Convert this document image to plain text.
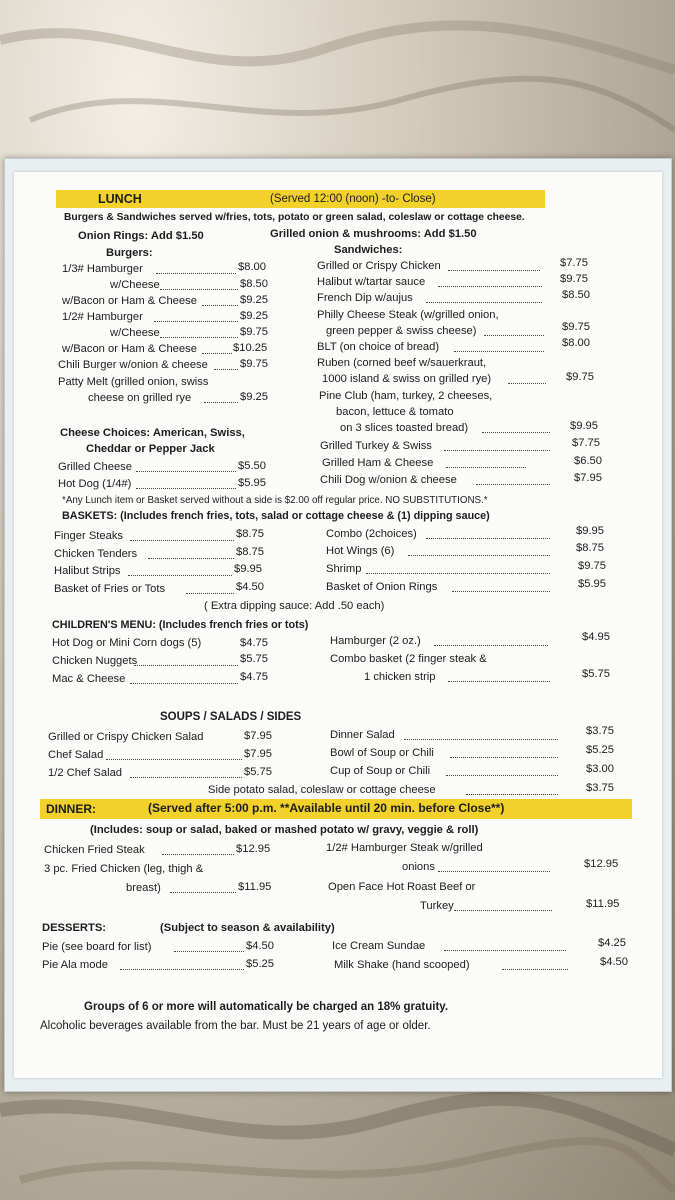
LUNCH	(Served 12:00 (noon) -to- Close)
Burgers & Sandwiches served w/fries, tots, potato or green salad, coleslaw or cottage cheese.
Onion Rings: Add $1.50	Grilled onion & mushrooms: Add $1.50
Burgers:	Sandwiches:
1/3# Hamburger	$8.00
w/Cheese	$8.50
w/Bacon or Ham & Cheese	$9.25
1/2# Hamburger	$9.25
w/Cheese	$9.75
w/Bacon or Ham & Cheese	$10.25
Chili Burger w/onion & cheese	$9.75
Patty Melt (grilled onion, swiss
cheese on grilled rye	$9.25
Cheese Choices: American, Swiss,
Cheddar or Pepper Jack
Grilled Cheese	$5.50
Hot Dog (1/4#)	$5.95
Grilled or Crispy Chicken	$7.75
Halibut w/tartar sauce	$9.75
French Dip w/aujus	$8.50
Philly Cheese Steak (w/grilled onion,
green pepper & swiss cheese)	$9.75
BLT (on choice of bread)	$8.00
Ruben (corned beef w/sauerkraut,
1000 island & swiss on grilled rye)	$9.75
Pine Club (ham, turkey, 2 cheeses,
bacon, lettuce & tomato
on 3 slices toasted bread)	$9.95
Grilled Turkey & Swiss	$7.75
Grilled Ham & Cheese	$6.50
Chili Dog w/onion & cheese	$7.95
*Any Lunch item or Basket served without a side is $2.00 off regular price. NO SUBSTITUTIONS.*
BASKETS: (Includes french fries, tots, salad or cottage cheese & (1) dipping sauce)
Finger Steaks	$8.75
Chicken Tenders	$8.75
Halibut Strips	$9.95
Basket of Fries or Tots	$4.50
Combo (2choices)	$9.95
Hot Wings (6)	$8.75
Shrimp	$9.75
Basket of Onion Rings	$5.95
( Extra dipping sauce: Add .50 each)
CHILDREN'S MENU: (Includes french fries or tots)
Hot Dog or Mini Corn dogs (5)	$4.75
Chicken Nuggets	$5.75
Mac & Cheese	$4.75
Hamburger (2 oz.)	$4.95
Combo basket (2 finger steak &
1 chicken strip	$5.75
SOUPS / SALADS / SIDES
Grilled or Crispy Chicken Salad	$7.95
Chef Salad	$7.95
1/2 Chef Salad	$5.75
Dinner Salad	$3.75
Bowl of Soup or Chili	$5.25
Cup of Soup or Chili	$3.00
Side potato salad, coleslaw or cottage cheese	$3.75
DINNER:	(Served after 5:00 p.m. **Available until 20 min. before Close**)
(Includes: soup or salad, baked or mashed potato w/ gravy, veggie & roll)
Chicken Fried Steak	$12.95
3 pc. Fried Chicken (leg, thigh &
breast)	$11.95
1/2# Hamburger Steak w/grilled
onions	$12.95
Open Face Hot Roast Beef or
Turkey	$11.95
DESSERTS:	(Subject to season & availability)
Pie (see board for list)	$4.50
Pie Ala mode	$5.25
Ice Cream Sundae	$4.25
Milk Shake (hand scooped)	$4.50
Groups of 6 or more will automatically be charged an 18% gratuity.
Alcoholic beverages available from the bar. Must be 21 years of age or older.
